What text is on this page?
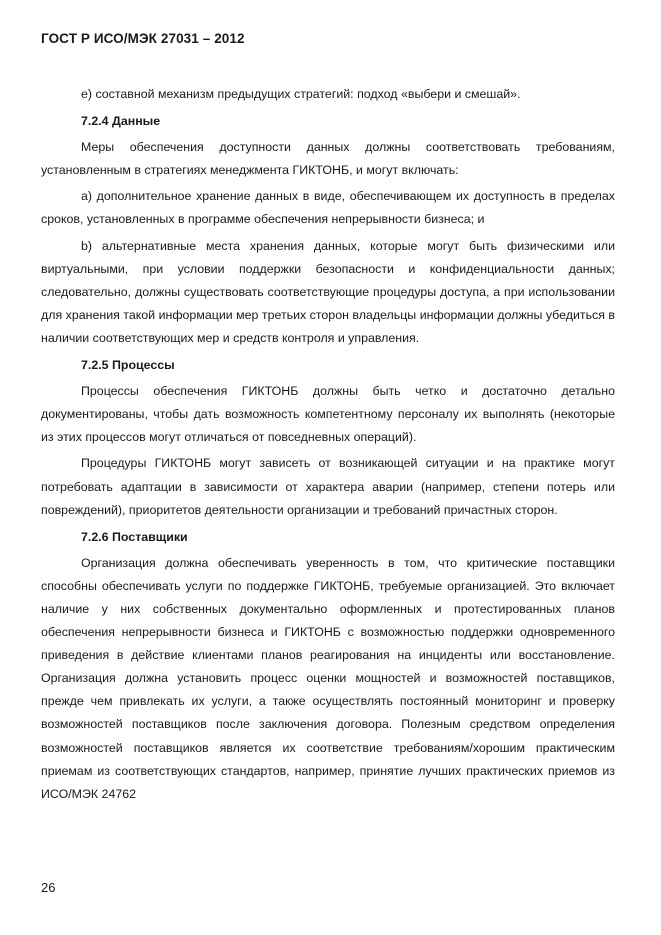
ГОСТ Р ИСО/МЭК 27031 – 2012

e) составной механизм предыдущих стратегий: подход «выбери и смешай».

7.2.4 Данные

Меры обеспечения доступности данных должны соответствовать требованиям, установленным в стратегиях менеджмента ГИКТОНБ, и могут включать:

a) дополнительное хранение данных в виде, обеспечивающем их доступность в пределах сроков, установленных в программе обеспечения непрерывности бизнеса; и

b) альтернативные места хранения данных, которые могут быть физическими или виртуальными, при условии поддержки безопасности и конфиденциальности данных; следовательно, должны существовать соответствующие процедуры доступа, а при использовании для хранения такой информации мер третьих сторон владельцы информации должны убедиться в наличии соответствующих мер и средств контроля и управления.

7.2.5 Процессы

Процессы обеспечения ГИКТОНБ должны быть четко и достаточно детально документированы, чтобы дать возможность компетентному персоналу их выполнять (некоторые из этих процессов могут отличаться от повседневных операций).

Процедуры ГИКТОНБ могут зависеть от возникающей ситуации и на практике могут потребовать адаптации в зависимости от характера аварии (например, степени потерь или повреждений), приоритетов деятельности организации и требований причастных сторон.

7.2.6 Поставщики

Организация должна обеспечивать уверенность в том, что критические поставщики способны обеспечивать услуги по поддержке ГИКТОНБ, требуемые организацией. Это включает наличие у них собственных документально оформленных и протестированных планов обеспечения непрерывности бизнеса и ГИКТОНБ с возможностью поддержки одновременного приведения в действие клиентами планов реагирования на инциденты или восстановление. Организация должна установить процесс оценки мощностей и возможностей поставщиков, прежде чем привлекать их услуги, а также осуществлять постоянный мониторинг и проверку возможностей поставщиков после заключения договора. Полезным средством определения возможностей поставщиков является их соответствие требованиям/хорошим практическим приемам из соответствующих стандартов, например, принятие лучших практических приемов из ИСО/МЭК 24762

26
